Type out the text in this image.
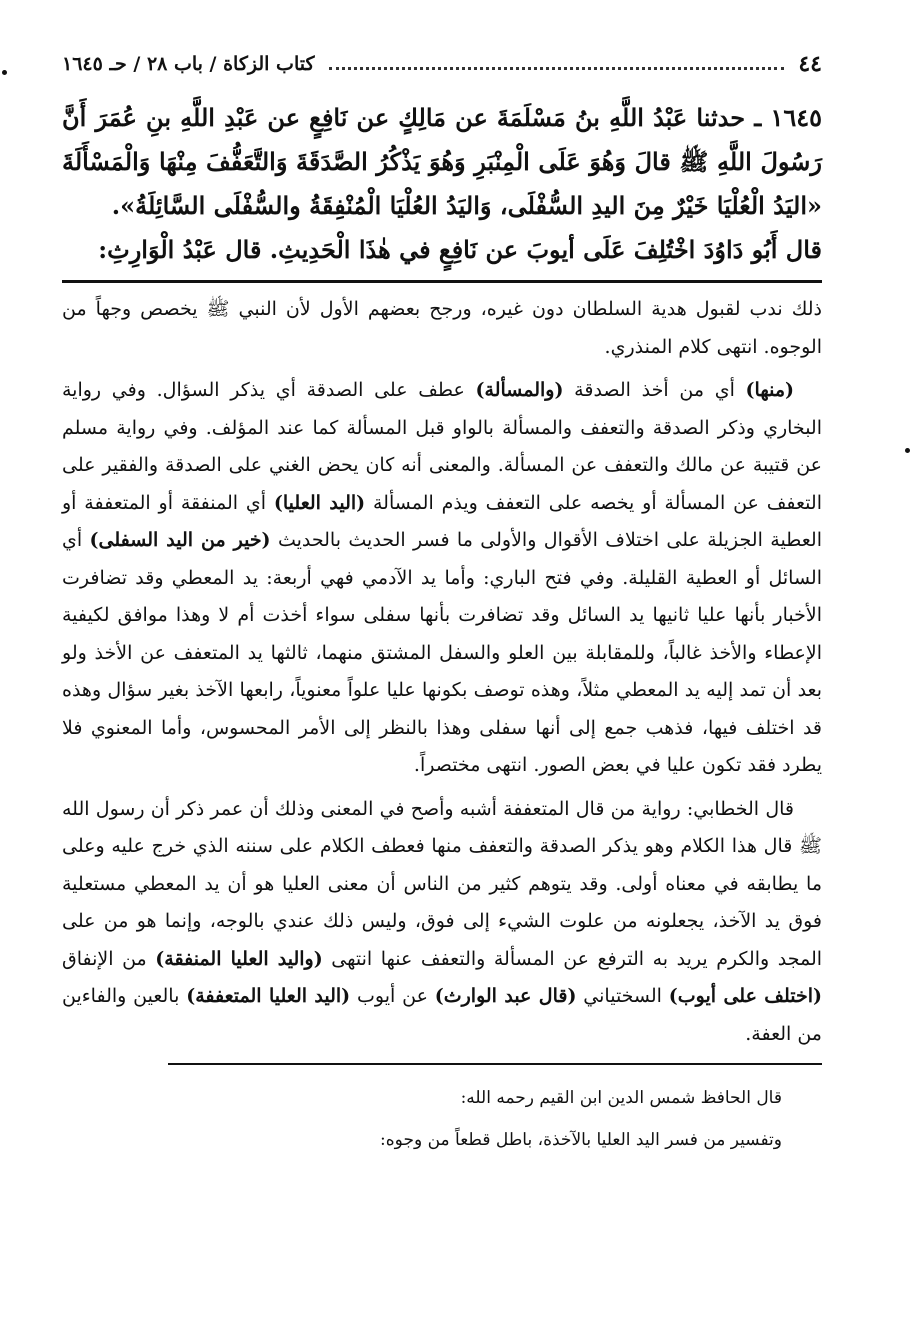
٤٤
كتاب الزكاة / باب ٢٨ / حـ ١٦٤٥

١٦٤٥ ـ حدثنا عَبْدُ اللَّهِ بنُ مَسْلَمَةَ عن مَالِكٍ عن نَافِعٍ عن عَبْدِ اللَّهِ بنِ عُمَرَ أَنَّ رَسُولَ اللَّهِ ﷺ قالَ وَهُوَ عَلَى الْمِنْبَرِ وَهُوَ يَذْكُرُ الصَّدَقَةَ وَالتَّعَفُّفَ مِنْهَا وَالْمَسْأَلَةَ «اليَدُ الْعُلْيَا خَيْرٌ مِنَ اليدِ السُّفْلَى، وَاليَدُ العُلْيَا الْمُنْفِقَةُ والسُّفْلَى السَّائِلَةُ».

قال أَبُو دَاوُدَ اخْتُلِفَ عَلَى أيوبَ عن نَافِعٍ في هٰذَا الْحَدِيثِ. قال عَبْدُ الْوَارِثِ:

ذلك ندب لقبول هدية السلطان دون غيره، ورجح بعضهم الأول لأن النبي ﷺ يخصص وجهاً من الوجوه. انتهى كلام المنذري.

(منها) أي من أخذ الصدقة (والمسألة) عطف على الصدقة أي يذكر السؤال. وفي رواية البخاري وذكر الصدقة والتعفف والمسألة بالواو قبل المسألة كما عند المؤلف. وفي رواية مسلم عن قتيبة عن مالك والتعفف عن المسألة. والمعنى أنه كان يحض الغني على الصدقة والفقير على التعفف عن المسألة أو يخصه على التعفف ويذم المسألة (اليد العليا) أي المنفقة أو المتعففة أو العطية الجزيلة على اختلاف الأقوال والأولى ما فسر الحديث بالحديث (خير من اليد السفلى) أي السائل أو العطية القليلة. وفي فتح الباري: وأما يد الآدمي فهي أربعة: يد المعطي وقد تضافرت الأخبار بأنها عليا ثانيها يد السائل وقد تضافرت بأنها سفلى سواء أخذت أم لا وهذا موافق لكيفية الإعطاء والأخذ غالباً، وللمقابلة بين العلو والسفل المشتق منهما، ثالثها يد المتعفف عن الأخذ ولو بعد أن تمد إليه يد المعطي مثلاً، وهذه توصف بكونها عليا علواً معنوياً، رابعها الآخذ بغير سؤال وهذه قد اختلف فيها، فذهب جمع إلى أنها سفلى وهذا بالنظر إلى الأمر المحسوس، وأما المعنوي فلا يطرد فقد تكون عليا في بعض الصور. انتهى مختصراً.

قال الخطابي: رواية من قال المتعففة أشبه وأصح في المعنى وذلك أن عمر ذكر أن رسول الله ﷺ قال هذا الكلام وهو يذكر الصدقة والتعفف منها فعطف الكلام على سننه الذي خرج عليه وعلى ما يطابقه في معناه أولى. وقد يتوهم كثير من الناس أن معنى العليا هو أن يد المعطي مستعلية فوق يد الآخذ، يجعلونه من علوت الشيء إلى فوق، وليس ذلك عندي بالوجه، وإنما هو من على المجد والكرم يريد به الترفع عن المسألة والتعفف عنها انتهى (واليد العليا المنفقة) من الإنفاق (اختلف على أيوب) السختياني (قال عبد الوارث) عن أيوب (اليد العليا المتعففة) بالعين والفاءين من العفة.

قال الحافظ شمس الدين ابن القيم رحمه الله:

وتفسير من فسر اليد العليا بالآخذة، باطل قطعاً من وجوه:
